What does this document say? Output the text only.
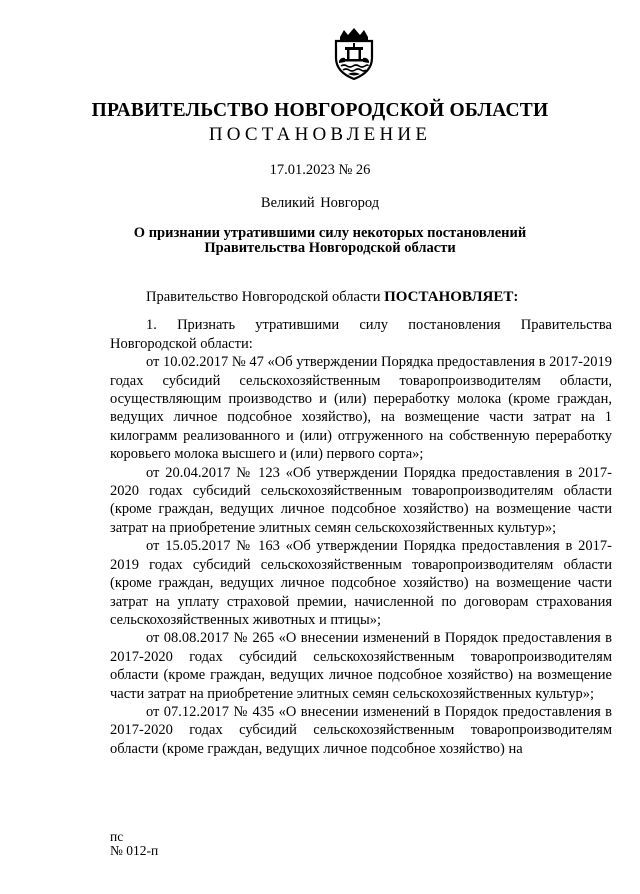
ПРАВИТЕЛЬСТВО НОВГОРОДСКОЙ ОБЛАСТИ
ПОСТАНОВЛЕНИЕ
17.01.2023 № 26
Великий Новгород
О признании утратившими силу некоторых постановлений
Правительства Новгородской области

Правительство Новгородской области ПОСТАНОВЛЯЕТ:

1. Признать утратившими силу постановления Правительства Новгородской области:

от 10.02.2017 № 47 «Об утверждении Порядка предоставления в 2017-2019 годах субсидий сельскохозяйственным товаропроизводителям области, осуществляющим производство и (или) переработку молока (кроме граждан, ведущих личное подсобное хозяйство), на возмещение части затрат на 1 килограмм реализованного и (или) отгруженного на собственную переработку коровьего молока высшего и (или) первого сорта»;

от 20.04.2017 № 123 «Об утверждении Порядка предоставления в 2017-2020 годах субсидий сельскохозяйственным товаропроизводителям области (кроме граждан, ведущих личное подсобное хозяйство) на возмещение части затрат на приобретение элитных семян сельскохозяйственных культур»;

от 15.05.2017 № 163 «Об утверждении Порядка предоставления в 2017-2019 годах субсидий сельскохозяйственным товаропроизводителям области (кроме граждан, ведущих личное подсобное хозяйство) на возмещение части затрат на уплату страховой премии, начисленной по договорам страхования сельскохозяйственных животных и птицы»;

от 08.08.2017 № 265 «О внесении изменений в Порядок предоставления в 2017-2020 годах субсидий сельскохозяйственным товаропроизводителям области (кроме граждан, ведущих личное подсобное хозяйство) на возмещение части затрат на приобретение элитных семян сельскохозяйственных культур»;

от 07.12.2017 № 435 «О внесении изменений в Порядок предоставления в 2017-2020 годах субсидий сельскохозяйственным товаропроизводителям области (кроме граждан, ведущих личное подсобное хозяйство) на

пс
№ 012-п
